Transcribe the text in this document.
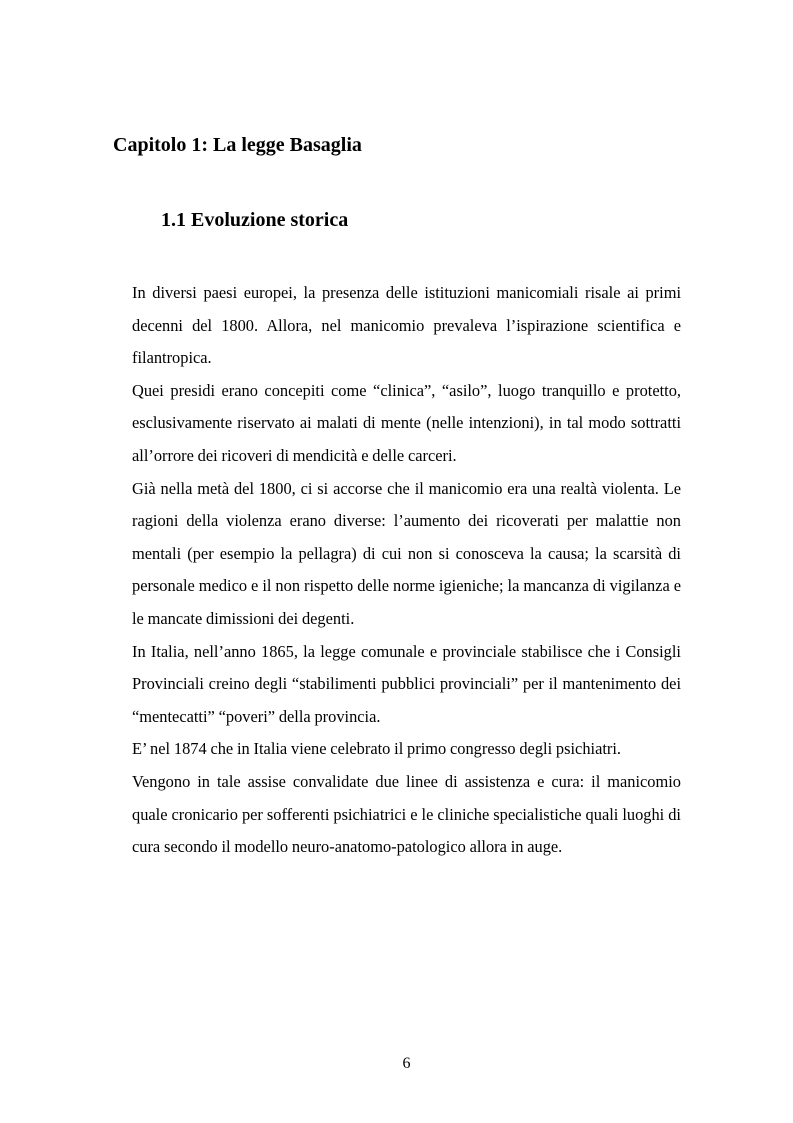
Capitolo 1: La legge Basaglia
1.1 Evoluzione storica

In diversi paesi europei, la presenza delle istituzioni manicomiali risale ai primi decenni del 1800. Allora, nel manicomio prevaleva l’ispirazione scientifica e filantropica.

Quei presidi erano concepiti come “clinica”, “asilo”, luogo tranquillo e protetto, esclusivamente riservato ai malati di mente (nelle intenzioni), in tal modo sottratti all’orrore dei ricoveri di mendicità e delle carceri.

Già nella metà del 1800, ci si accorse che il manicomio era una realtà violenta. Le ragioni della violenza erano diverse: l’aumento dei ricoverati per malattie non mentali (per esempio la pellagra) di cui non si conosceva la causa; la scarsità di personale medico e il non rispetto delle norme igieniche; la mancanza di vigilanza e le mancate dimissioni dei degenti.

In Italia, nell’anno 1865, la legge comunale e provinciale stabilisce che i Consigli Provinciali creino degli “stabilimenti pubblici provinciali” per il mantenimento dei “mentecatti” “poveri” della provincia.

E’ nel 1874 che in Italia viene celebrato il primo congresso degli psichiatri.

Vengono in tale assise convalidate due linee di assistenza e cura: il manicomio quale cronicario per sofferenti psichiatrici e le cliniche specialistiche quali luoghi di cura secondo il modello neuro-anatomo-patologico allora in auge.

6
